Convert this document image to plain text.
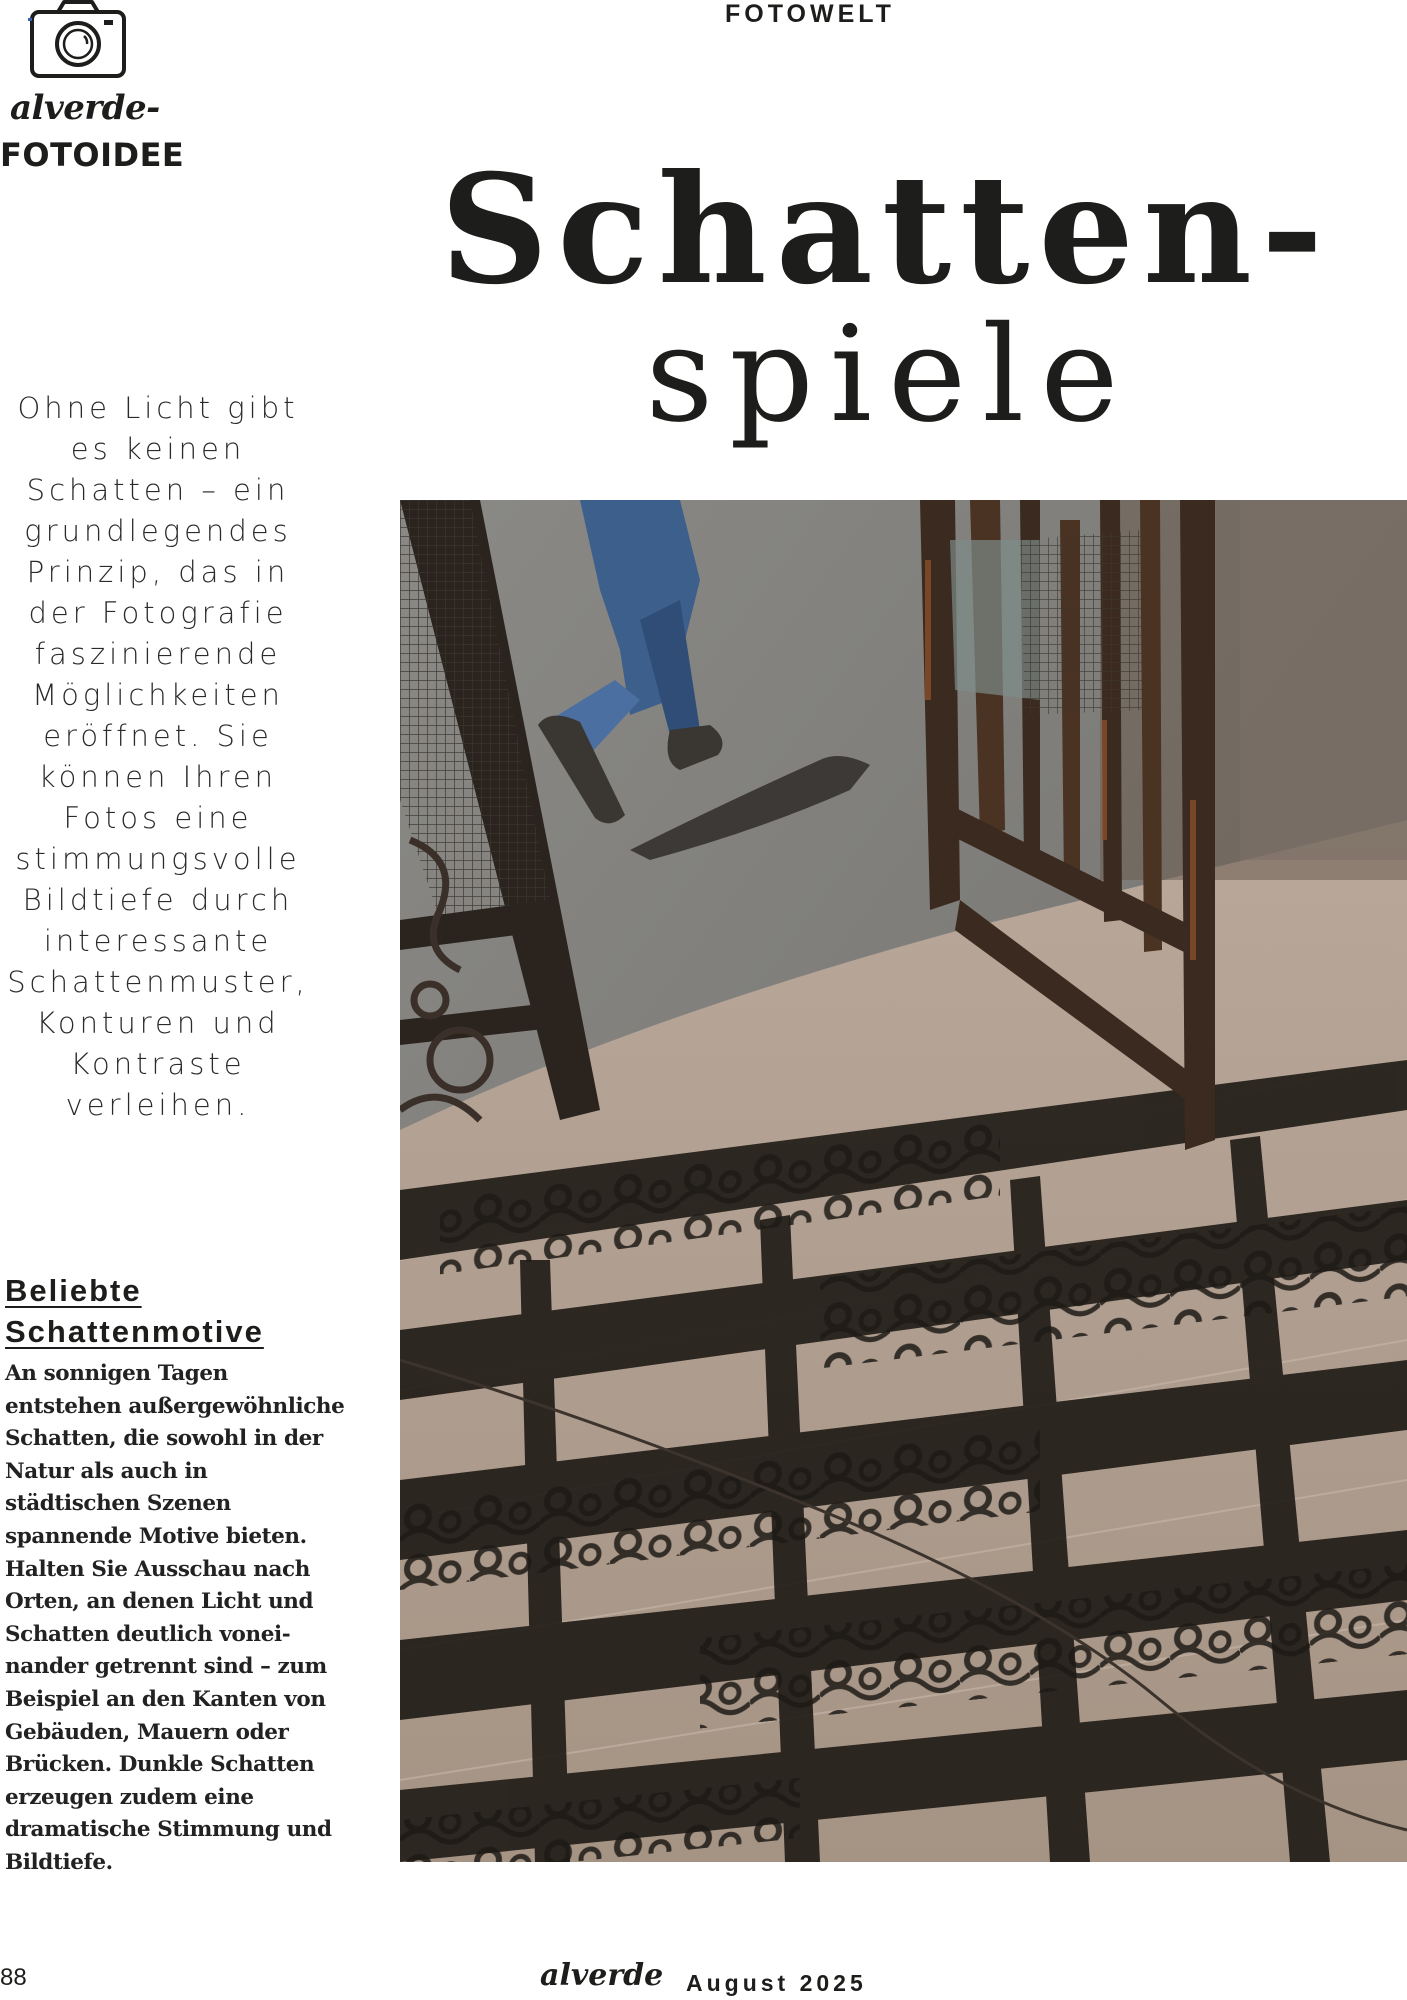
alverde-
FOTOIDEE
FOTOWELT
Schatten-
spiele

Ohne Licht gibt es keinen Schatten – ein grundlegendes Prinzip, das in der Fotografie faszinierende Möglichkeiten eröffnet. Sie können Ihren Fotos eine stimmungsvolle Bildtiefe durch interessante Schattenmuster, Konturen und Kontraste verleihen.

Beliebte Schattenmotive

An sonnigen Tagen entstehen außergewöhnliche Schatten, die sowohl in der Natur als auch in städtischen Szenen spannende Motive bieten. Halten Sie Ausschau nach Orten, an denen Licht und Schatten deutlich voneinander getrennt sind – zum Beispiel an den Kanten von Gebäuden, Mauern oder Brücken. Dunkle Schatten erzeugen zudem eine dramatische Stimmung und Bildtiefe.

88	alverde August 2025
